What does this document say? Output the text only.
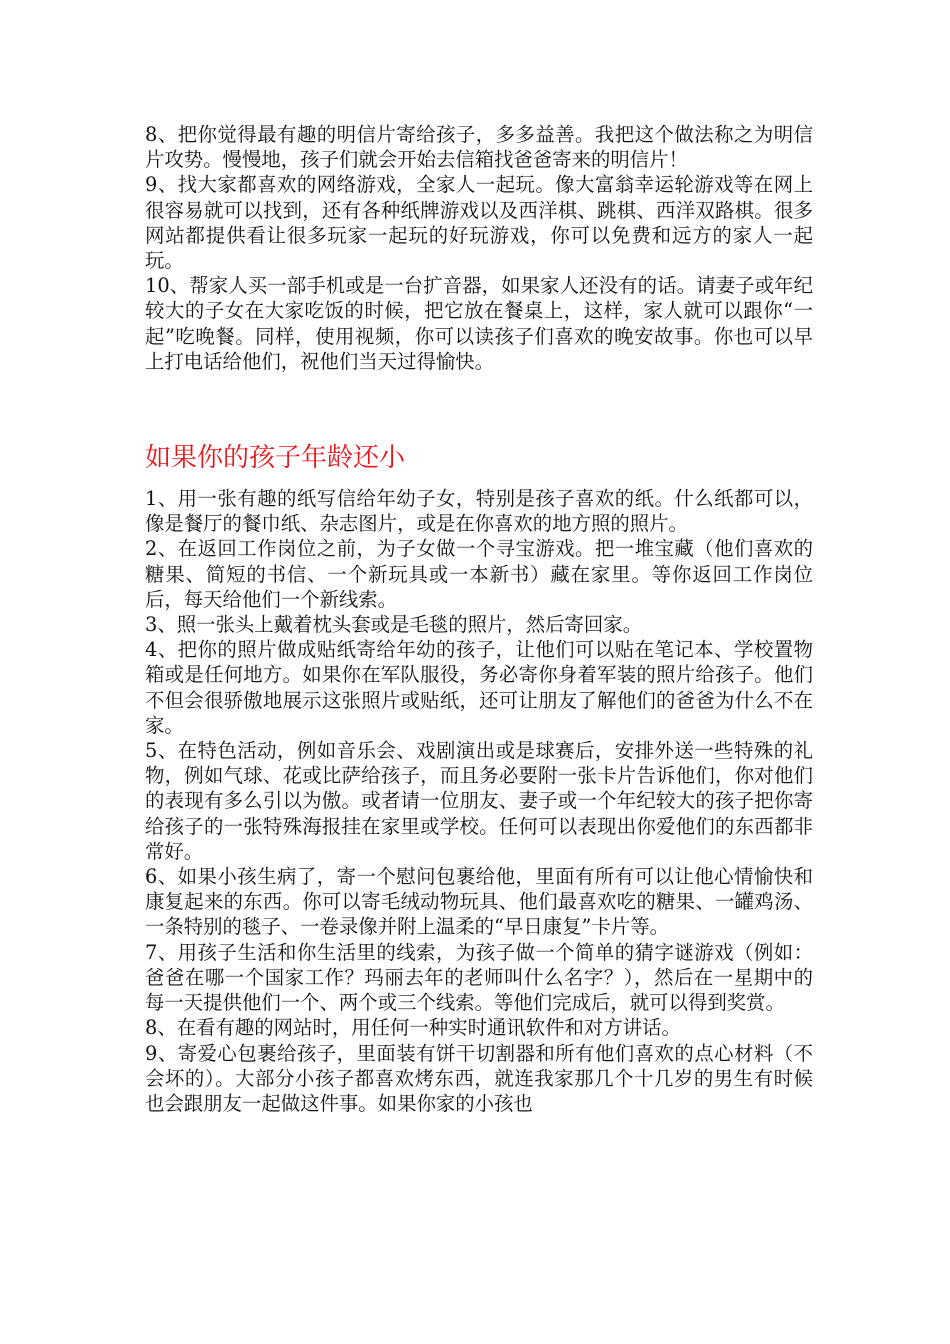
8、把你觉得最有趣的明信片寄给孩子，多多益善。我把这个做法称之为明信片攻势。慢慢地，孩子们就会开始去信箱找爸爸寄来的明信片！

9、找大家都喜欢的网络游戏，全家人一起玩。像大富翁幸运轮游戏等在网上很容易就可以找到，还有各种纸牌游戏以及西洋棋、跳棋、西洋双路棋。很多网站都提供看让很多玩家一起玩的好玩游戏，你可以免费和远方的家人一起玩。

10、帮家人买一部手机或是一台扩音器，如果家人还没有的话。请妻子或年纪较大的子女在大家吃饭的时候，把它放在餐桌上，这样，家人就可以跟你“一起”吃晚餐。同样，使用视频，你可以读孩子们喜欢的晚安故事。你也可以早上打电话给他们，祝他们当天过得愉快。

如果你的孩子年龄还小

1、用一张有趣的纸写信给年幼子女，特别是孩子喜欢的纸。什么纸都可以，像是餐厅的餐巾纸、杂志图片，或是在你喜欢的地方照的照片。

2、在返回工作岗位之前，为子女做一个寻宝游戏。把一堆宝藏（他们喜欢的糖果、简短的书信、一个新玩具或一本新书）藏在家里。等你返回工作岗位后，每天给他们一个新线索。

3、照一张头上戴着枕头套或是毛毯的照片，然后寄回家。

4、把你的照片做成贴纸寄给年幼的孩子，让他们可以贴在笔记本、学校置物箱或是任何地方。如果你在军队服役，务必寄你身着军装的照片给孩子。他们不但会很骄傲地展示这张照片或贴纸，还可让朋友了解他们的爸爸为什么不在家。

5、在特色活动，例如音乐会、戏剧演出或是球赛后，安排外送一些特殊的礼物，例如气球、花或比萨给孩子，而且务必要附一张卡片告诉他们，你对他们的表现有多么引以为傲。或者请一位朋友、妻子或一个年纪较大的孩子把你寄给孩子的一张特殊海报挂在家里或学校。任何可以表现出你爱他们的东西都非常好。

6、如果小孩生病了，寄一个慰问包裹给他，里面有所有可以让他心情愉快和康复起来的东西。你可以寄毛绒动物玩具、他们最喜欢吃的糖果、一罐鸡汤、一条特别的毯子、一卷录像并附上温柔的“早日康复”卡片等。

7、用孩子生活和你生活里的线索，为孩子做一个简单的猜字谜游戏（例如：爸爸在哪一个国家工作？玛丽去年的老师叫什么名字？），然后在一星期中的每一天提供他们一个、两个或三个线索。等他们完成后，就可以得到奖赏。

8、在看有趣的网站时，用任何一种实时通讯软件和对方讲话。

9、寄爱心包裹给孩子，里面装有饼干切割器和所有他们喜欢的点心材料（不会坏的）。大部分小孩子都喜欢烤东西，就连我家那几个十几岁的男生有时候也会跟朋友一起做这件事。如果你家的小孩也
